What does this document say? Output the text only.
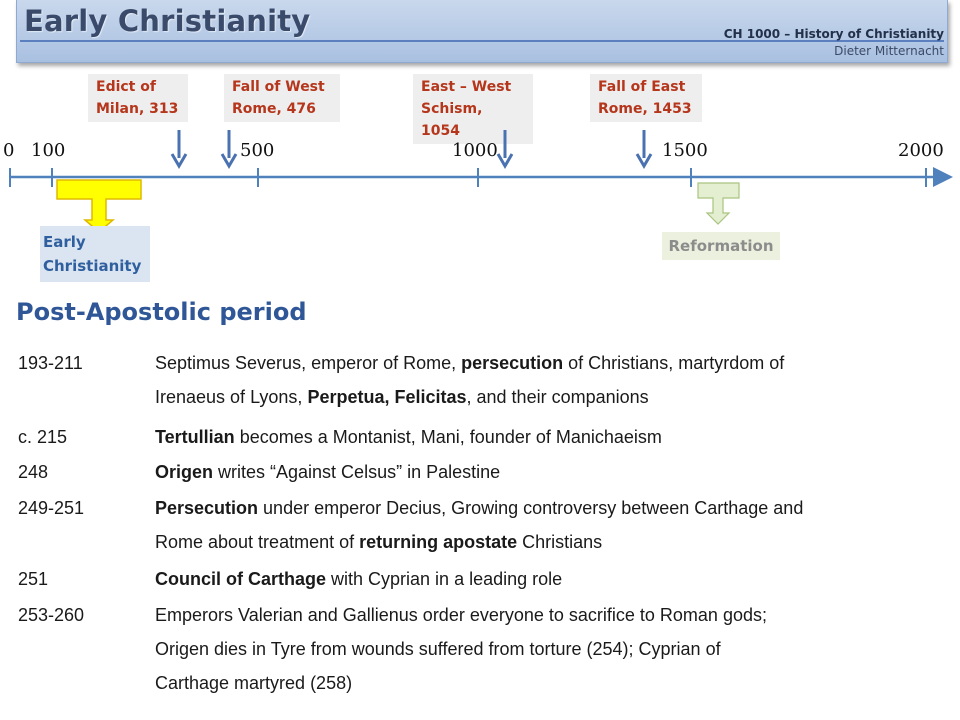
Early Christianity	CH 1000 – History of Christianity
Dieter Mitternacht
Edict of
Milan, 313
Fall of West
Rome, 476
East – West
Schism, 1054
Fall of East
Rome, 1453
0 100	500	1000	1500	2000
Early
Christianity
Reformation
Post-Apostolic period
193-211	Septimus Severus, emperor of Rome, persecution of Christians, martyrdom of
Irenaeus of Lyons, Perpetua, Felicitas, and their companions
c. 215	Tertullian becomes a Montanist, Mani, founder of Manichaeism
248	Origen writes “Against Celsus” in Palestine
249-251	Persecution under emperor Decius, Growing controversy between Carthage and
Rome about treatment of returning apostate Christians
251	Council of Carthage with Cyprian in a leading role
253-260	Emperors Valerian and Gallienus order everyone to sacrifice to Roman gods;
Origen dies in Tyre from wounds suffered from torture (254); Cyprian of
Carthage martyred (258)
